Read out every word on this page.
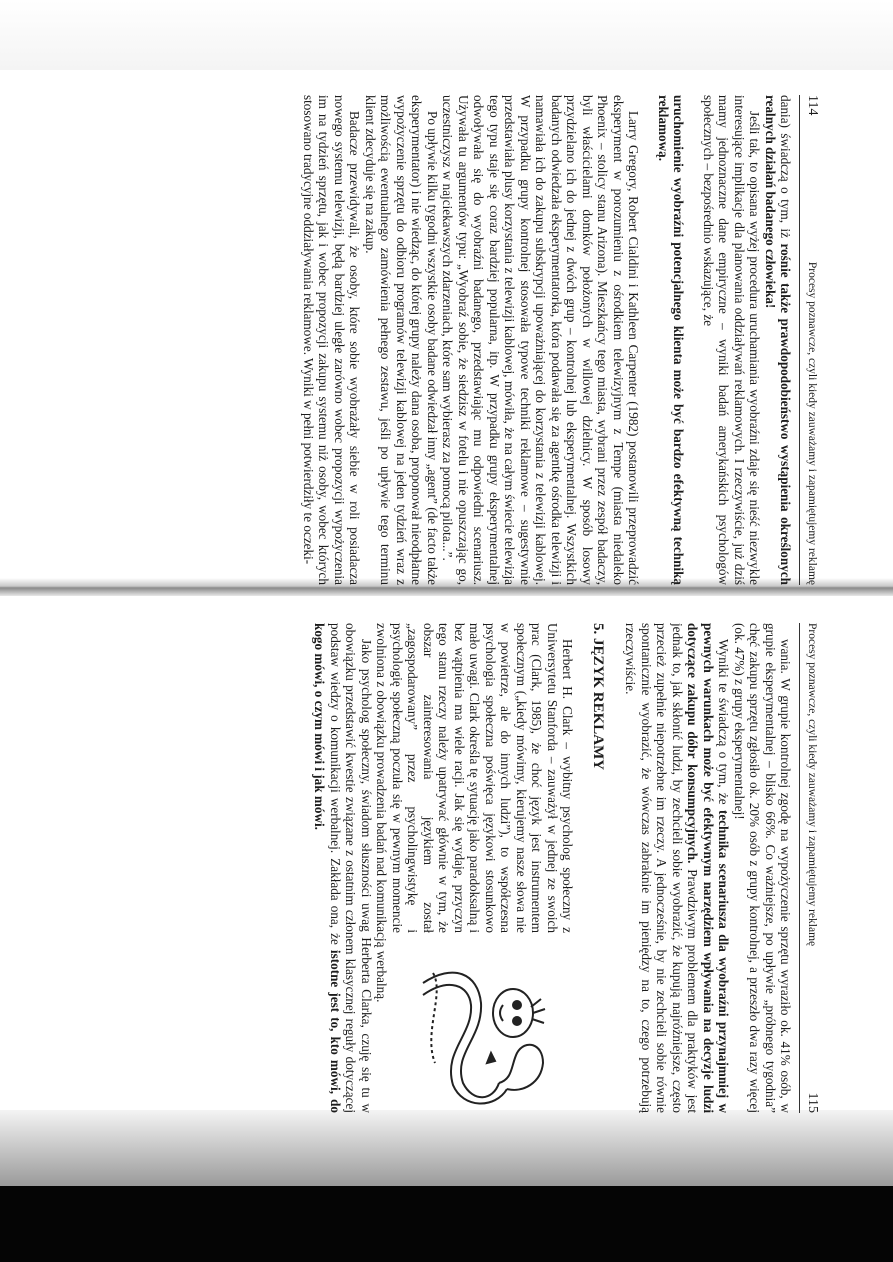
114
Procesy poznawcze, czyli kiedy zauważamy i zapamiętujemy reklamę

dania) świadczą o tym, iż rośnie także prawdopodobieństwo wystąpienia określonych realnych działań badanego człowieka!

Jeśli tak, to opisana wyżej procedura uruchamiania wyobraźni zdaje się nieść niezwykle interesujące implikacje dla planowania oddziaływań reklamowych. I rzeczywiście, już dziś mamy jednoznaczne dane empiryczne – wyniki badań amerykańskich psychologów społecznych – bezpośrednio wskazujące, że

uruchomienie wyobraźni potencjalnego klienta może być bardzo efektywną techniką reklamową.

Larry Gregory, Robert Cialdini i Kathleen Carpenter (1982) postanowili przeprowadzić eksperyment w porozumieniu z ośrodkiem telewizyjnym z Tempe (miasta niedaleko Phoenix – stolicy stanu Arizona). Mieszkańcy tego miasta, wybrani przez zespół badaczy, byli właścicielami domków położonych w willowej dzielnicy. W sposób losowy przydzielano ich do jednej z dwóch grup – kontrolnej lub eksperymentalnej. Wszystkich badanych odwiedzała eksperymentatorka, która podawała się za agentkę ośrodka telewizji i namawiała ich do zakupu subskrypcji upoważniającej do korzystania z telewizji kablowej. W przypadku grupy kontrolnej stosowała typowe techniki reklamowe – sugestywnie przedstawiała plusy korzystania z telewizji kablowej, mówiła, że na całym świecie telewizja tego typu staje się coraz bardziej popularna, itp. W przypadku grupy eksperymentalnej odwoływała się do wyobraźni badanego, przedstawiając mu odpowiedni scenariusz. Używała tu argumentów typu: „Wyobraź sobie, że siedzisz w fotelu i nie opuszczając go, uczestniczysz w najciekawszych zdarzeniach, które sam wybierasz za pomocą pilota...”.

Po upływie kilku tygodni wszystkie osoby badane odwiedzał inny „agent” (de facto także eksperymentator) i nie wiedząc, do której grupy należy dana osoba, proponował nieodpłatne wypożyczenie sprzętu do odbioru programów telewizji kablowej na jeden tydzień wraz z możliwością ewentualnego zamówienia pełnego zestawu, jeśli po upływie tego terminu klient zdecyduje się na zakup.

Badacze przewidywali, że osoby, które sobie wyobrażały siebie w roli posiadacza nowego systemu telewizji, będą bardziej uległe zarówno wobec propozycji wypożyczenia im na tydzień sprzętu, jak i wobec propozycji zakupu systemu niż osoby, wobec których stosowano tradycyjne oddziaływania reklamowe. Wyniki w pełni potwierdziły te oczeki-

Procesy poznawcze, czyli kiedy zauważamy i zapamiętujemy reklamę
115

wania. W grupie kontrolnej zgodę na wypożyczenie sprzętu wyraziło ok. 41% osób, w grupie eksperymentalnej – blisko 66%. Co ważniejsze, po upływie „próbnego tygodnia” chęć zakupu sprzętu zgłosiło ok. 20% osób z grupy kontrolnej, a przeszło dwa razy więcej (ok. 47%) z grupy eksperymentalnej!

Wyniki te świadczą o tym, że technika scenariusza dla wyobraźni przynajmniej w pewnych warunkach może być efektywnym narzędziem wpływania na decyzje ludzi dotyczące zakupu dóbr konsumpcyjnych. Prawdziwym problemem dla praktyków jest jednak to, jak skłonić ludzi, by zechcieli sobie wyobrazić, że kupują najróżniejsze, często przecież zupełnie niepotrzebne im rzeczy. A jednocześnie, by nie zechcieli sobie równie spontanicznie wyobrazić, że wówczas zabraknie im pieniędzy na to, czego potrzebują rzeczywiście.

5. JĘZYK REKLAMY

Herbert H. Clark – wybitny psycholog społeczny z Uniwersytetu Stanforda – zauważył w jednej ze swoich prac (Clark, 1985), że choć język jest instrumentem społecznym („kiedy mówimy, kierujemy nasze słowa nie w powietrze, ale do innych ludzi”), to współczesna psychologia społeczna poświęca językowi stosunkowo mało uwagi. Clark określa tę sytuację jako paradoksalną i bez wątpienia ma wiele racji. Jak się wydaje, przyczyn tego stanu rzeczy należy upatrywać głównie w tym, że obszar zainteresowania językiem został „zagospodarowany” przez psycholingwistykę i psychologię społeczną poczuła się w pewnym momencie zwolniona z obowiązku prowadzenia badań nad komunikacją werbalną.

Jako psycholog społeczny, świadom słuszności uwag Herberta Clarka, czuję się tu w obowiązku przedstawić kwestie związane z ostatnim członem klasycznej reguły dotyczącej podstaw wiedzy o komunikacji werbalnej. Zakłada ona, że istotne jest to, kto mówi, do kogo mówi, o czym mówi i jak mówi.
